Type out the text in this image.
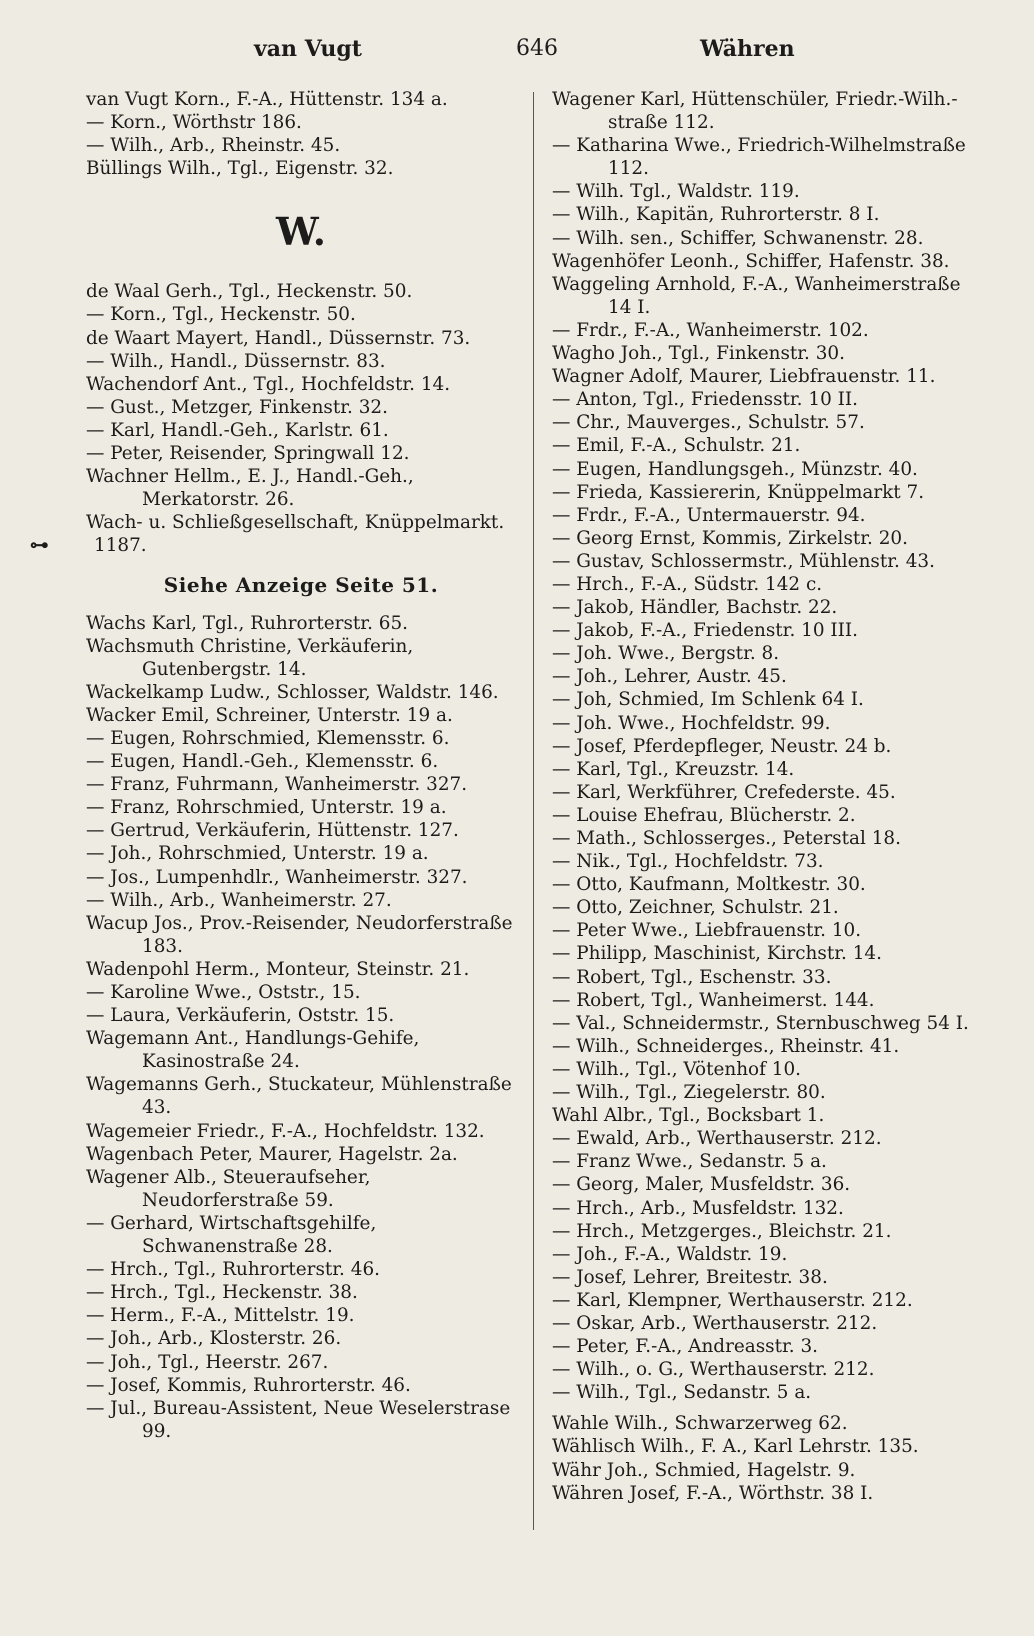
van Vugt	646	Währen
van Vugt Korn., F.-A., Hüttenstr. 134 a.
— Korn., Wörthstr 186.
— Wilh., Arb., Rheinstr. 45.
Büllings Wilh., Tgl., Eigenstr. 32.
W.
de Waal Gerh., Tgl., Heckenstr. 50.
— Korn., Tgl., Heckenstr. 50.
de Waart Mayert, Handl., Düssernstr. 73.
— Wilh., Handl., Düssernstr. 83.
Wachendorf Ant., Tgl., Hochfeldstr. 14.
— Gust., Metzger, Finkenstr. 32.
— Karl, Handl.-Geh., Karlstr. 61.
— Peter, Reisender, Springwall 12.
Wachner Hellm., E. J., Handl.-Geh., Merkatorstr. 26.
Wach- u. Schließgesellschaft, Knüppelmarkt.
⊶ 1187.
Siehe Anzeige Seite 51.
Wachs Karl, Tgl., Ruhrorterstr. 65.
Wachsmuth Christine, Verkäuferin, Gutenbergstr. 14.
Wackelkamp Ludw., Schlosser, Waldstr. 146.
Wacker Emil, Schreiner, Unterstr. 19 a.
— Eugen, Rohrschmied, Klemensstr. 6.
— Eugen, Handl.-Geh., Klemensstr. 6.
— Franz, Fuhrmann, Wanheimerstr. 327.
— Franz, Rohrschmied, Unterstr. 19 a.
— Gertrud, Verkäuferin, Hüttenstr. 127.
— Joh., Rohrschmied, Unterstr. 19 a.
— Jos., Lumpenhdlr., Wanheimerstr. 327.
— Wilh., Arb., Wanheimerstr. 27.
Wacup Jos., Prov.-Reisender, Neudorferstraße 183.
Wadenpohl Herm., Monteur, Steinstr. 21.
— Karoline Wwe., Oststr., 15.
— Laura, Verkäuferin, Oststr. 15.
Wagemann Ant., Handlungs-Gehife, Kasinostraße 24.
Wagemanns Gerh., Stuckateur, Mühlenstraße 43.
Wagemeier Friedr., F.-A., Hochfeldstr. 132.
Wagenbach Peter, Maurer, Hagelstr. 2a.
Wagener Alb., Steueraufseher, Neudorferstraße 59.
— Gerhard, Wirtschaftsgehilfe, Schwanenstraße 28.
— Hrch., Tgl., Ruhrorterstr. 46.
— Hrch., Tgl., Heckenstr. 38.
— Herm., F.-A., Mittelstr. 19.
— Joh., Arb., Klosterstr. 26.
— Joh., Tgl., Heerstr. 267.
— Josef, Kommis, Ruhrorterstr. 46.
— Jul., Bureau-Assistent, Neue Weselerstrase 99.
Wagener Karl, Hüttenschüler, Friedr.-Wilh.-straße 112.
— Katharina Wwe., Friedrich-Wilhelmstraße 112.
— Wilh. Tgl., Waldstr. 119.
— Wilh., Kapitän, Ruhrorterstr. 8 I.
— Wilh. sen., Schiffer, Schwanenstr. 28.
Wagenhöfer Leonh., Schiffer, Hafenstr. 38.
Waggeling Arnhold, F.-A., Wanheimerstraße 14 I.
— Frdr., F.-A., Wanheimerstr. 102.
Wagho Joh., Tgl., Finkenstr. 30.
Wagner Adolf, Maurer, Liebfrauenstr. 11.
— Anton, Tgl., Friedensstr. 10 II.
— Chr., Mauverges., Schulstr. 57.
— Emil, F.-A., Schulstr. 21.
— Eugen, Handlungsgeh., Münzstr. 40.
— Frieda, Kassiererin, Knüppelmarkt 7.
— Frdr., F.-A., Untermauerstr. 94.
— Georg Ernst, Kommis, Zirkelstr. 20.
— Gustav, Schlossermstr., Mühlenstr. 43.
— Hrch., F.-A., Südstr. 142 c.
— Jakob, Händler, Bachstr. 22.
— Jakob, F.-A., Friedenstr. 10 III.
— Joh. Wwe., Bergstr. 8.
— Joh., Lehrer, Austr. 45.
— Joh, Schmied, Im Schlenk 64 I.
— Joh. Wwe., Hochfeldstr. 99.
— Josef, Pferdepfleger, Neustr. 24 b.
— Karl, Tgl., Kreuzstr. 14.
— Karl, Werkführer, Crefederste. 45.
— Louise Ehefrau, Blücherstr. 2.
— Math., Schlosserges., Peterstal 18.
— Nik., Tgl., Hochfeldstr. 73.
— Otto, Kaufmann, Moltkestr. 30.
— Otto, Zeichner, Schulstr. 21.
— Peter Wwe., Liebfrauenstr. 10.
— Philipp, Maschinist, Kirchstr. 14.
— Robert, Tgl., Eschenstr. 33.
— Robert, Tgl., Wanheimerst. 144.
— Val., Schneidermstr., Sternbuschweg 54 I.
— Wilh., Schneiderges., Rheinstr. 41.
— Wilh., Tgl., Vötenhof 10.
— Wilh., Tgl., Ziegelerstr. 80.
Wahl Albr., Tgl., Bocksbart 1.
— Ewald, Arb., Werthauserstr. 212.
— Franz Wwe., Sedanstr. 5 a.
— Georg, Maler, Musfeldstr. 36.
— Hrch., Arb., Musfeldstr. 132.
— Hrch., Metzgerges., Bleichstr. 21.
— Joh., F.-A., Waldstr. 19.
— Josef, Lehrer, Breitestr. 38.
— Karl, Klempner, Werthauserstr. 212.
— Oskar, Arb., Werthauserstr. 212.
— Peter, F.-A., Andreasstr. 3.
— Wilh., o. G., Werthauserstr. 212.
— Wilh., Tgl., Sedanstr. 5 a.
Wahle Wilh., Schwarzerweg 62.
Wählisch Wilh., F. A., Karl Lehrstr. 135.
Währ Joh., Schmied, Hagelstr. 9.
Währen Josef, F.-A., Wörthstr. 38 I.
